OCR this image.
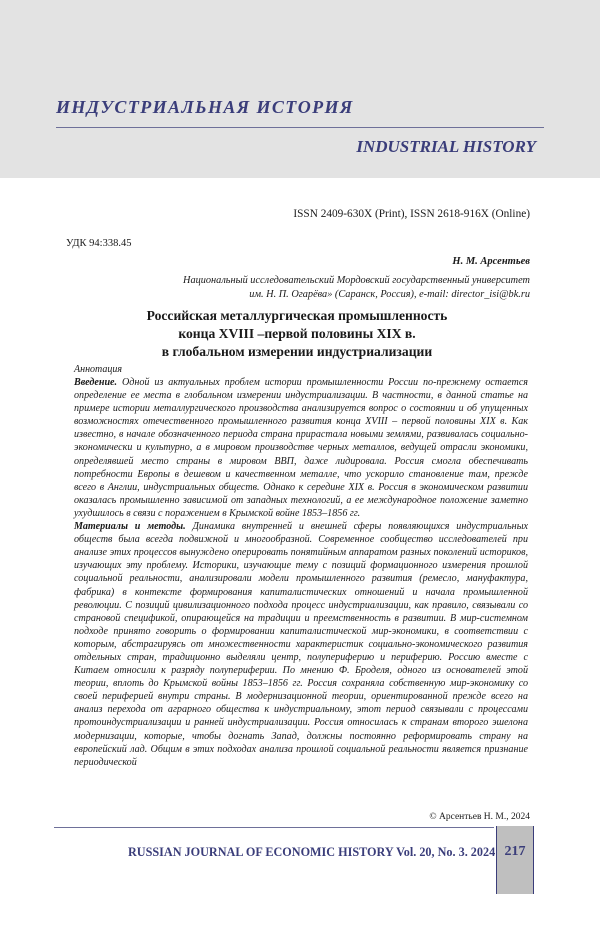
ИНДУСТРИАЛЬНАЯ ИСТОРИЯ
INDUSTRIAL HISTORY
ISSN 2409-630X (Print), ISSN 2618-916X (Online)
УДК 94:338.45
Н. М. Арсентьев
Национальный исследовательский Мордовский государственный университет
им. Н. П. Огарёва» (Саранск, Россия), e-mail: director_isi@bk.ru
Российская металлургическая промышленность
конца XVIII –первой половины XIX в.
в глобальном измерении индустриализации
Аннотация

Введение. Одной из актуальных проблем истории промышленности России по-прежнему остается определение ее места в глобальном измерении индустриализации. В частности, в данной статье на примере истории металлургического производства анализируется вопрос о состоянии и об упущенных возможностях отечественного промышленного развития конца XVIII – первой половины XIX в. Как известно, в начале обозначенного периода страна прирастала новыми землями, развивалась социально-экономически и культурно, а в мировом производстве черных металлов, ведущей отрасли экономики, определявшей место страны в мировом ВВП, даже лидировала. Россия смогла обеспечивать потребности Европы в дешевом и качественном металле, что ускорило становление там, прежде всего в Англии, индустриальных обществ. Однако к середине XIX в. Россия в экономическом развитии оказалась промышленно зависимой от западных технологий, а ее международное положение заметно ухудшилось в связи с поражением в Крымской войне 1853–1856 гг.

Материалы и методы. Динамика внутренней и внешней сферы появляющихся индустриальных обществ была всегда подвижной и многообразной. Современное сообщество исследователей при анализе этих процессов вынуждено оперировать понятийным аппаратом разных поколений историков, изучающих эту проблему. Историки, изучающие тему с позиций формационного измерения прошлой социальной реальности, анализировали модели промышленного развития (ремесло, мануфактура, фабрика) в контексте формирования капиталистических отношений и начала промышленной революции. С позиций цивилизационного подхода процесс индустриализации, как правило, связывали со страновой спецификой, опирающейся на традиции и преемственность в развитии. В мир-системном подходе принято говорить о формировании капиталистической мир-экономики, в соответствии с которым, абстрагируясь от множественности характеристик социально-экономического развития отдельных стран, традиционно выделяли центр, полупериферию и периферию. Россию вместе с Китаем относили к разряду полупериферии. По мнению Ф. Броделя, одного из основателей этой теории, вплоть до Крымской войны 1853–1856 гг. Россия сохраняла собственную мир-экономику со своей периферией внутри страны. В модернизационной теории, ориентированной прежде всего на анализ перехода от аграрного общества к индустриальному, этот период связывали с процессами протоиндустриализации и ранней индустриализации. Россия относилась к странам второго эшелона модернизации, которые, чтобы догнать Запад, должны постоянно реформировать страну на европейский лад. Общим в этих подходах анализа прошлой социальной реальности является признание периодической

© Арсентьев Н. М., 2024
RUSSIAN JOURNAL OF ECONOMIC HISTORY Vol. 20, No. 3. 2024 217
